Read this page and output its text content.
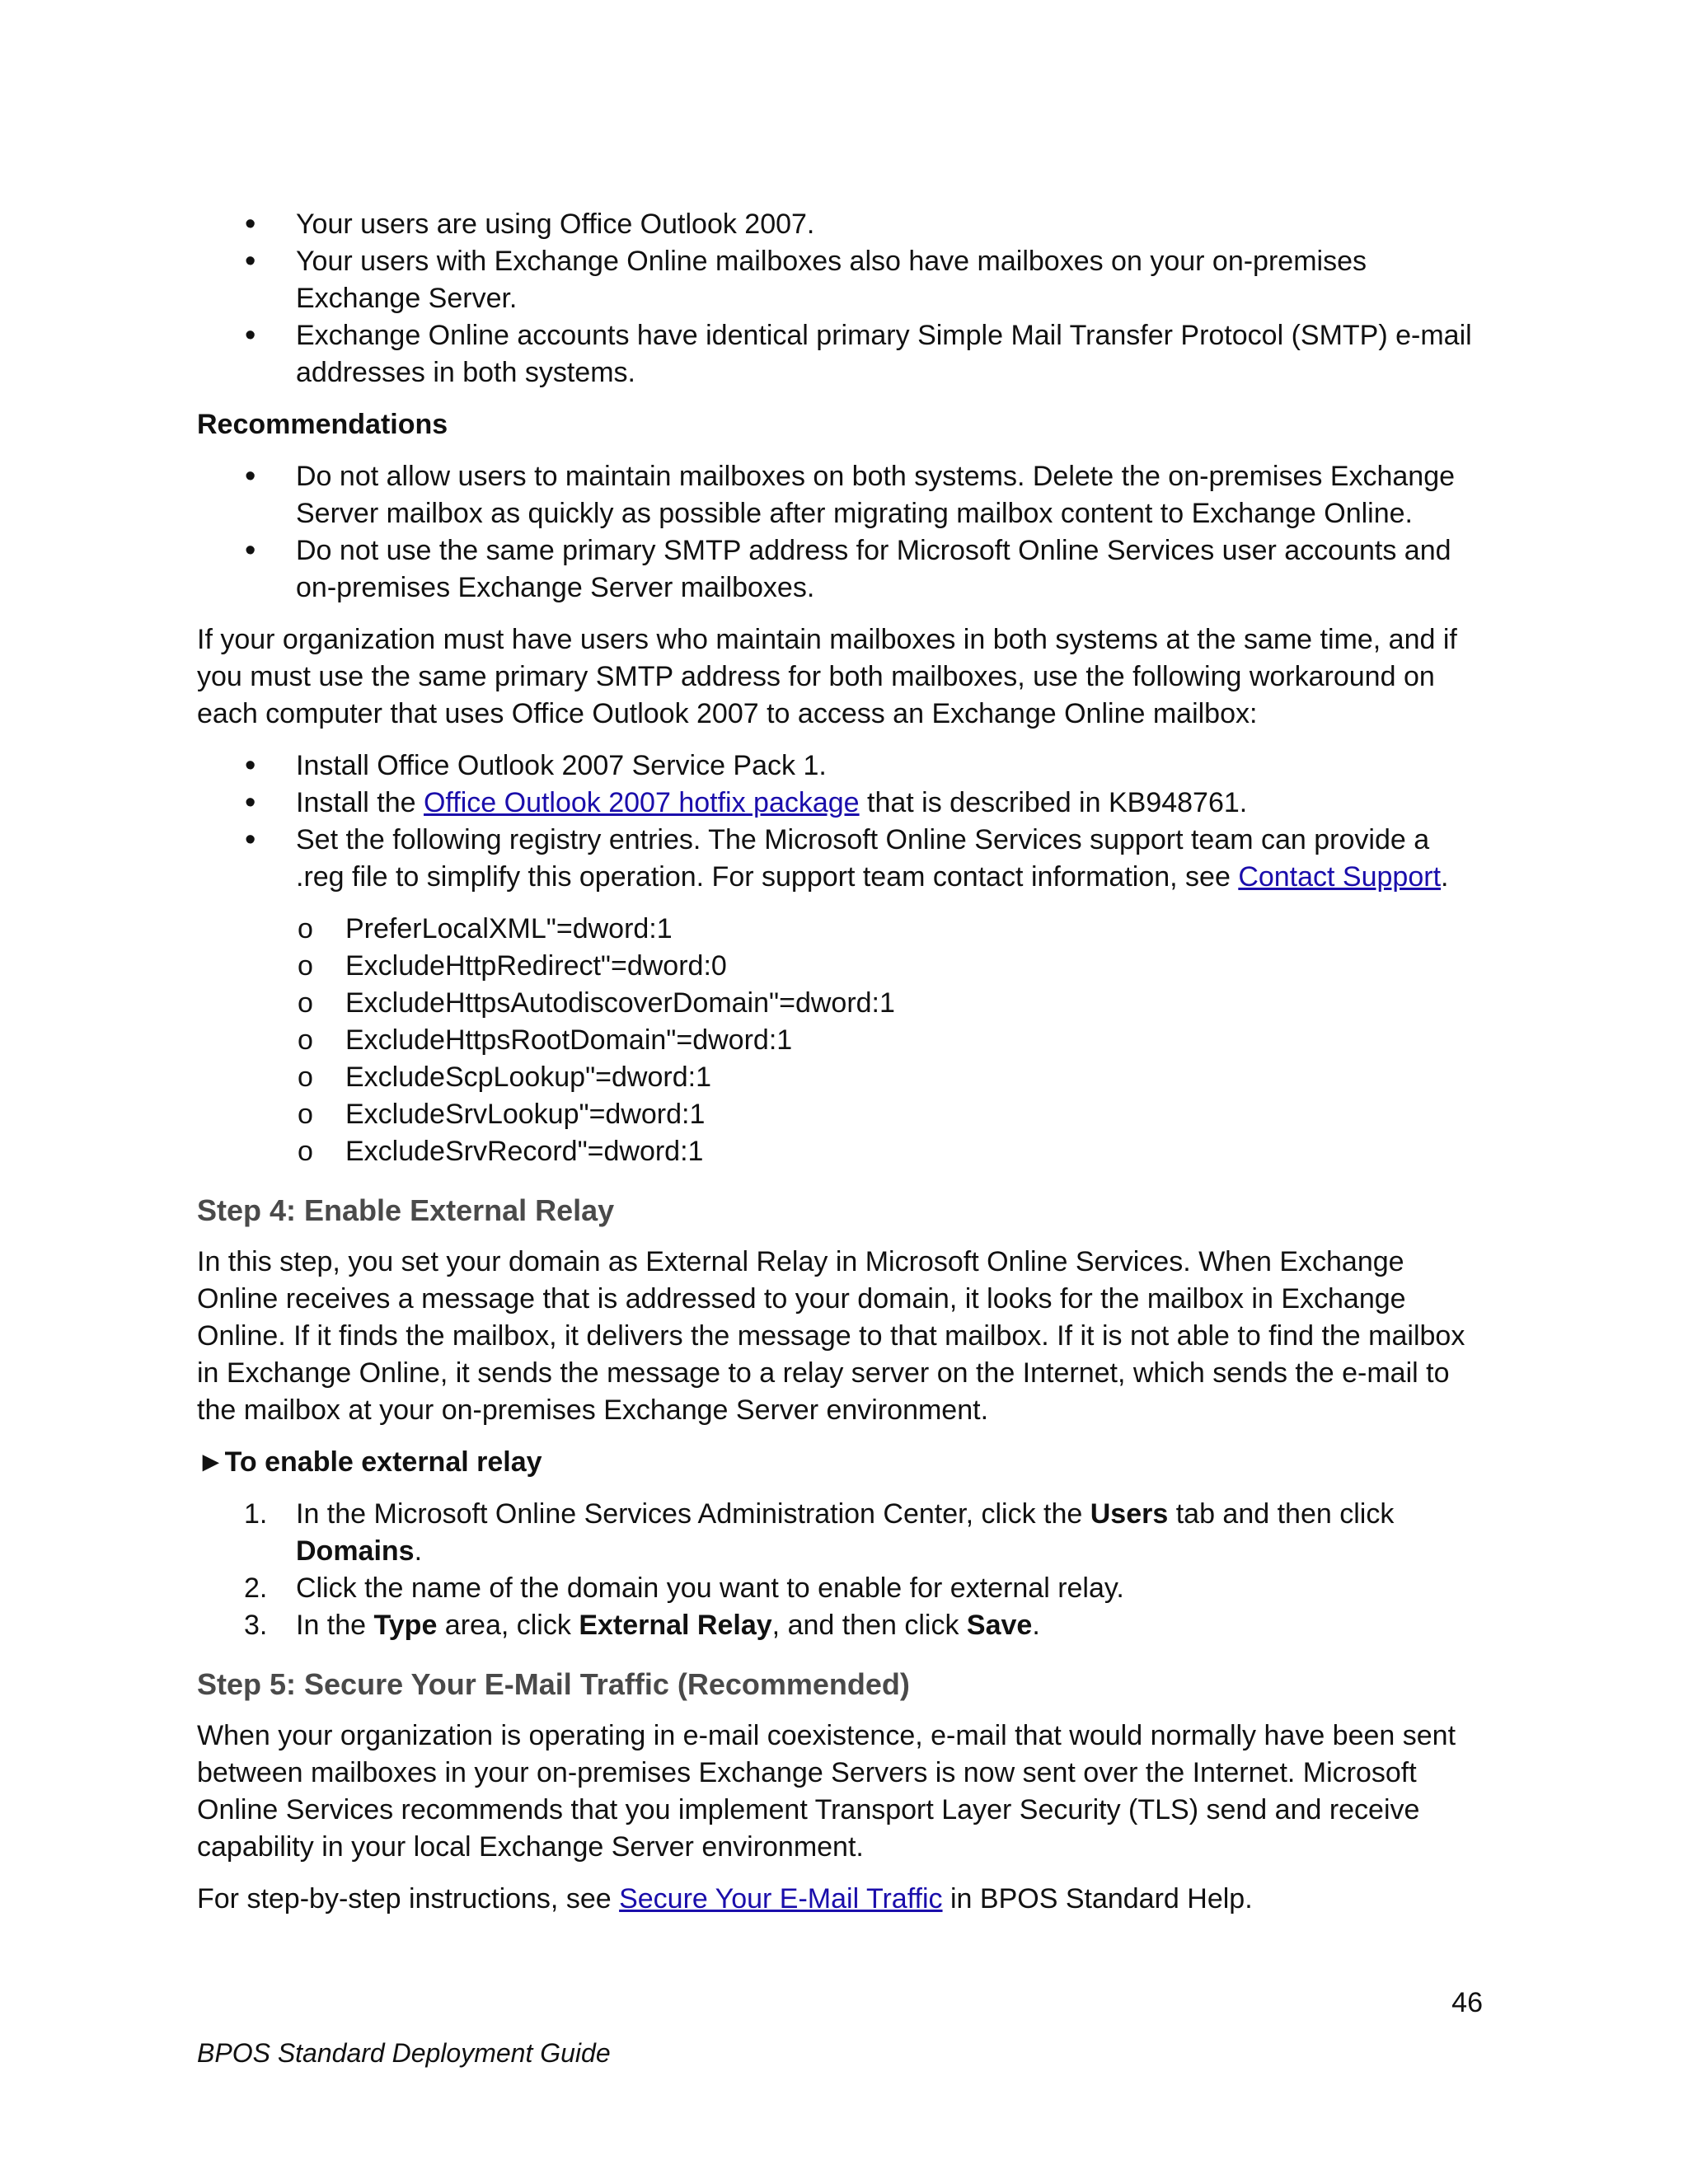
• Your users are using Office Outlook 2007.
• Your users with Exchange Online mailboxes also have mailboxes on your on-premises Exchange Server.
• Exchange Online accounts have identical primary Simple Mail Transfer Protocol (SMTP) e-mail addresses in both systems.
Recommendations
• Do not allow users to maintain mailboxes on both systems. Delete the on-premises Exchange Server mailbox as quickly as possible after migrating mailbox content to Exchange Online.
• Do not use the same primary SMTP address for Microsoft Online Services user accounts and on-premises Exchange Server mailboxes.

If your organization must have users who maintain mailboxes in both systems at the same time, and if you must use the same primary SMTP address for both mailboxes, use the following workaround on each computer that uses Office Outlook 2007 to access an Exchange Online mailbox:

• Install Office Outlook 2007 Service Pack 1.
• Install the Office Outlook 2007 hotfix package that is described in KB948761.
• Set the following registry entries. The Microsoft Online Services support team can provide a .reg file to simplify this operation. For support team contact information, see Contact Support.
o PreferLocalXML"=dword:1
o ExcludeHttpRedirect"=dword:0
o ExcludeHttpsAutodiscoverDomain"=dword:1
o ExcludeHttpsRootDomain"=dword:1
o ExcludeScpLookup"=dword:1
o ExcludeSrvLookup"=dword:1
o ExcludeSrvRecord"=dword:1
Step 4: Enable External Relay

In this step, you set your domain as External Relay in Microsoft Online Services. When Exchange Online receives a message that is addressed to your domain, it looks for the mailbox in Exchange Online. If it finds the mailbox, it delivers the message to that mailbox. If it is not able to find the mailbox in Exchange Online, it sends the message to a relay server on the Internet, which sends the e-mail to the mailbox at your on-premises Exchange Server environment.

►To enable external relay
1. In the Microsoft Online Services Administration Center, click the Users tab and then click Domains.
2. Click the name of the domain you want to enable for external relay.
3. In the Type area, click External Relay, and then click Save.
Step 5: Secure Your E-Mail Traffic (Recommended)

When your organization is operating in e-mail coexistence, e-mail that would normally have been sent between mailboxes in your on-premises Exchange Servers is now sent over the Internet. Microsoft Online Services recommends that you implement Transport Layer Security (TLS) send and receive capability in your local Exchange Server environment.

For step-by-step instructions, see Secure Your E-Mail Traffic in BPOS Standard Help.

46
BPOS Standard Deployment Guide
